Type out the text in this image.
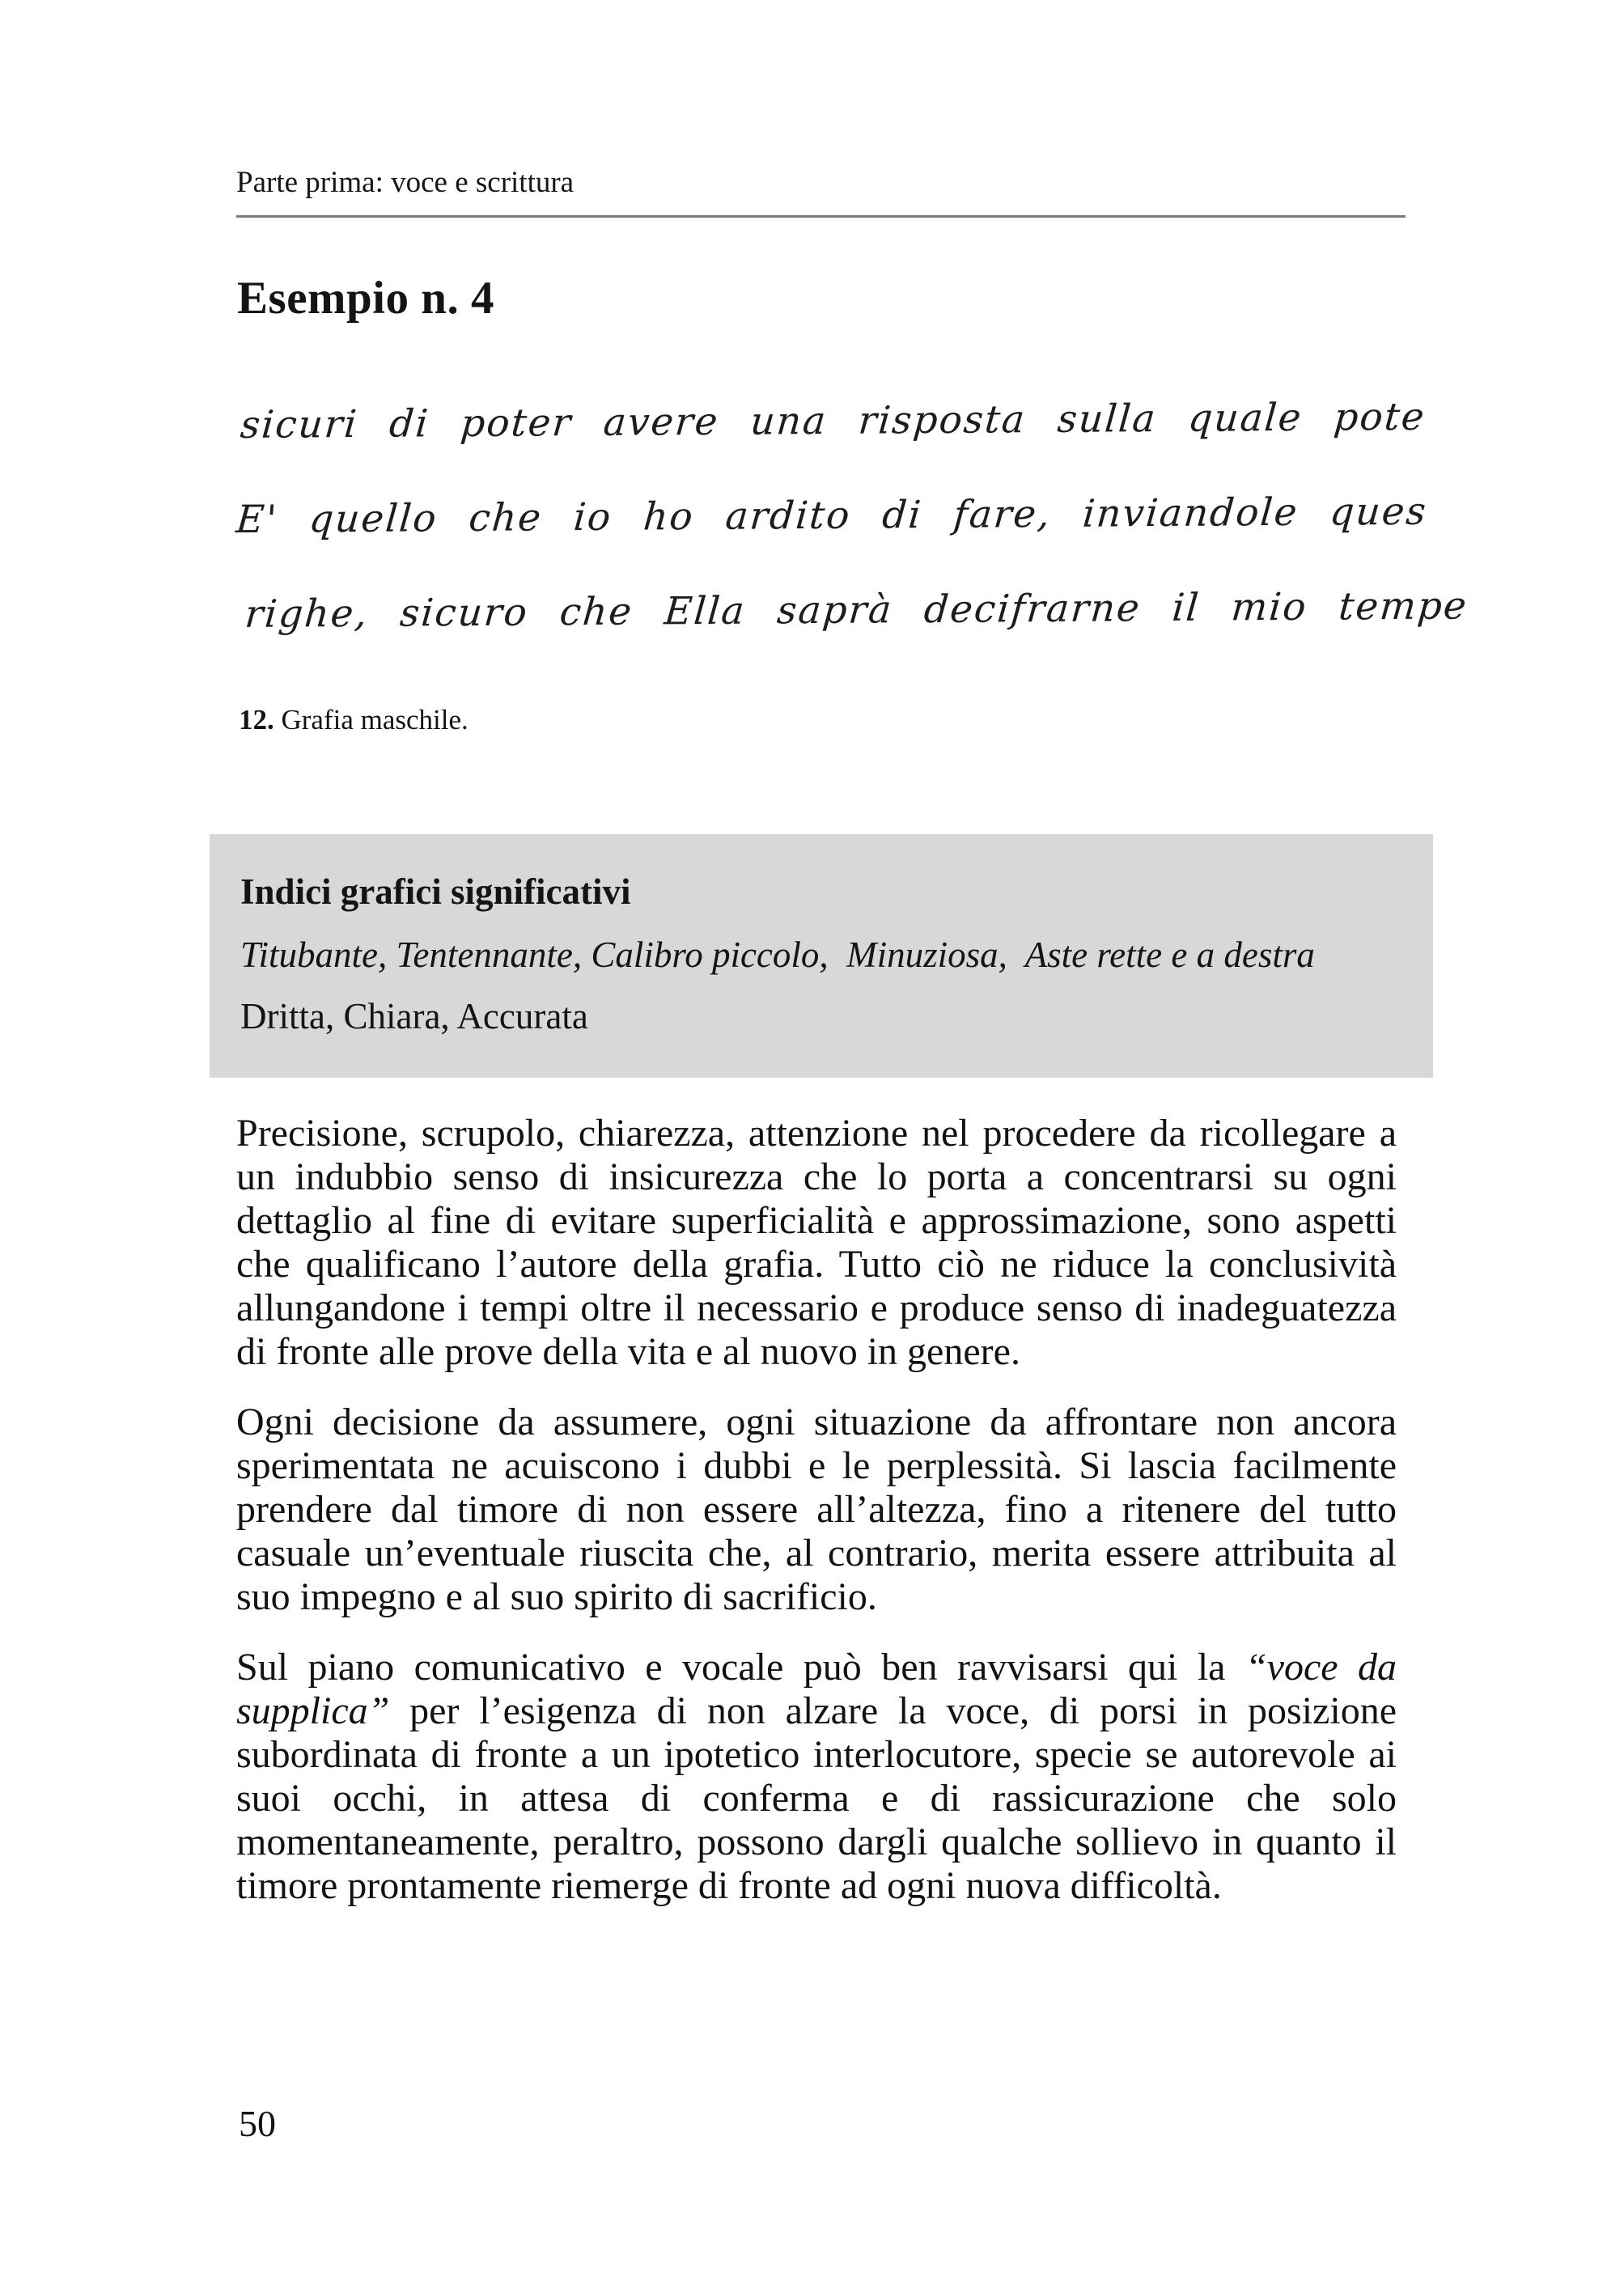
Parte prima: voce e scrittura
Esempio n. 4
sicuri di poter avere una risposta sulla quale pote
E' quello che io ho ardito di fare, inviandole ques
righe, sicuro che Ella saprà decifrarne il mio tempe
12. Grafia maschile.

Indici grafici significativi

Titubante, Tentennante, Calibro piccolo,  Minuziosa,  Aste rette e a destra

Dritta, Chiara, Accurata

Precisione, scrupolo, chiarezza, attenzione nel procedere da ricollegare a un indubbio senso di insicurezza che lo porta a concentrarsi su ogni dettaglio al fine di evitare superficialità e approssimazione, sono aspetti che qualificano l’autore della grafia. Tutto ciò ne riduce la conclusività allungandone i tempi oltre il necessario e produce senso di inadeguatezza di fronte alle prove della vita e al nuovo in genere.

Ogni decisione da assumere, ogni situazione da affrontare non ancora sperimentata ne acuiscono i dubbi e le perplessità. Si lascia facilmente prendere dal timore di non essere all’altezza, fino a ritenere del tutto casuale un’eventuale riuscita che, al contrario, merita essere attribuita al suo impegno e al suo spirito di sacrificio.

Sul piano comunicativo e vocale può ben ravvisarsi qui la “voce da supplica” per l’esigenza di non alzare la voce, di porsi in posizione subordinata di fronte a un ipotetico interlocutore, specie se autorevole ai suoi occhi, in attesa di conferma e di rassicurazione che solo momentaneamente, peraltro, possono dargli qualche sollievo in quanto il timore prontamente riemerge di fronte ad ogni nuova difficoltà.

50
